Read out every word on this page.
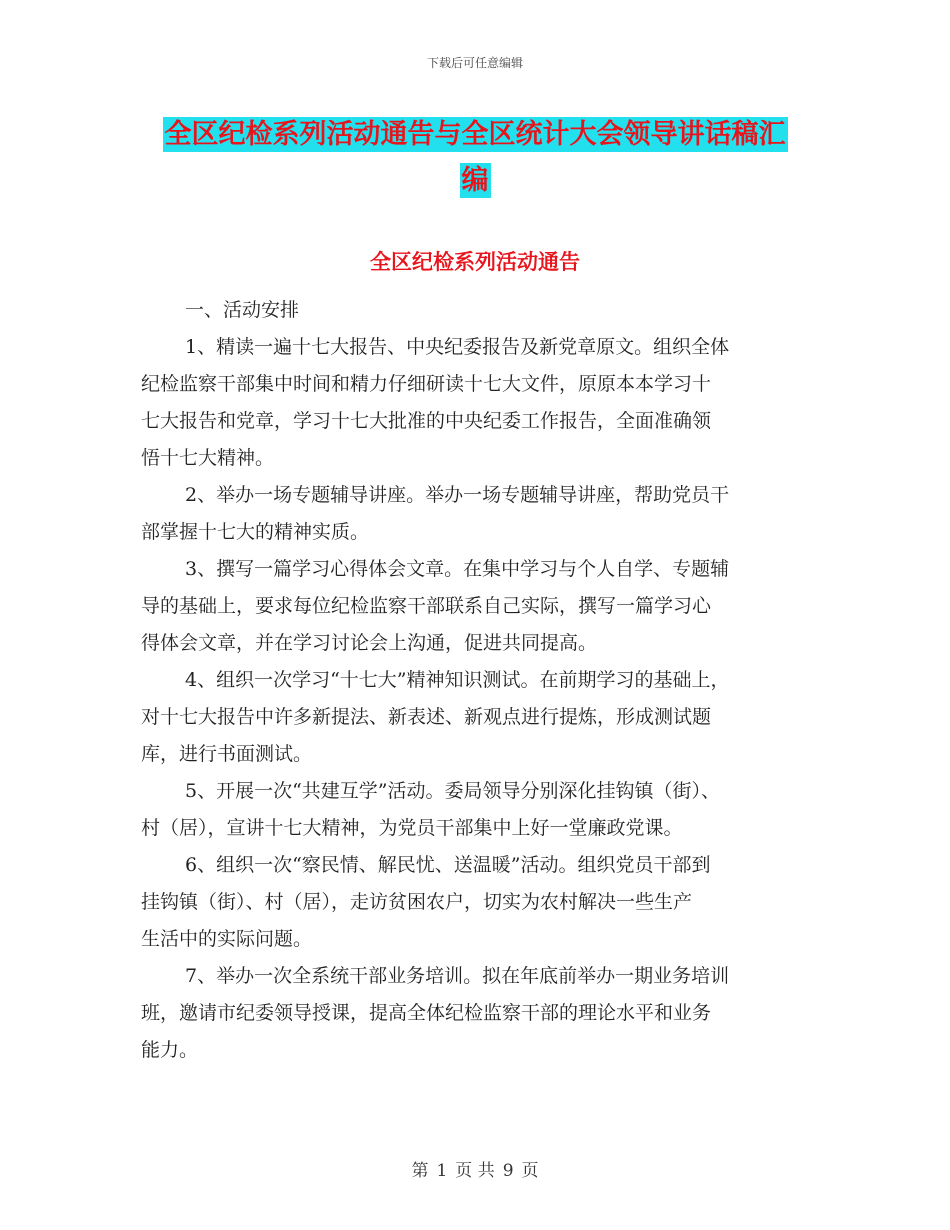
下载后可任意编辑
全区纪检系列活动通告与全区统计大会领导讲话稿汇
编
全区纪检系列活动通告
一、活动安排
1、精读一遍十七大报告、中央纪委报告及新党章原文。组织全体
纪检监察干部集中时间和精力仔细研读十七大文件，原原本本学习十
七大报告和党章，学习十七大批准的中央纪委工作报告，全面准确领
悟十七大精神。
2、举办一场专题辅导讲座。举办一场专题辅导讲座，帮助党员干
部掌握十七大的精神实质。
3、撰写一篇学习心得体会文章。在集中学习与个人自学、专题辅
导的基础上，要求每位纪检监察干部联系自己实际，撰写一篇学习心
得体会文章，并在学习讨论会上沟通，促进共同提高。
4、组织一次学习“十七大”精神知识测试。在前期学习的基础上，
对十七大报告中许多新提法、新表述、新观点进行提炼，形成测试题
库，进行书面测试。
5、开展一次“共建互学”活动。委局领导分别深化挂钩镇（街）、
村（居），宣讲十七大精神，为党员干部集中上好一堂廉政党课。
6、组织一次“察民情、解民忧、送温暖”活动。组织党员干部到
挂钩镇（街）、村（居），走访贫困农户，切实为农村解决一些生产
生活中的实际问题。
7、举办一次全系统干部业务培训。拟在年底前举办一期业务培训
班，邀请市纪委领导授课，提高全体纪检监察干部的理论水平和业务
能力。
第 1 页 共 9 页
